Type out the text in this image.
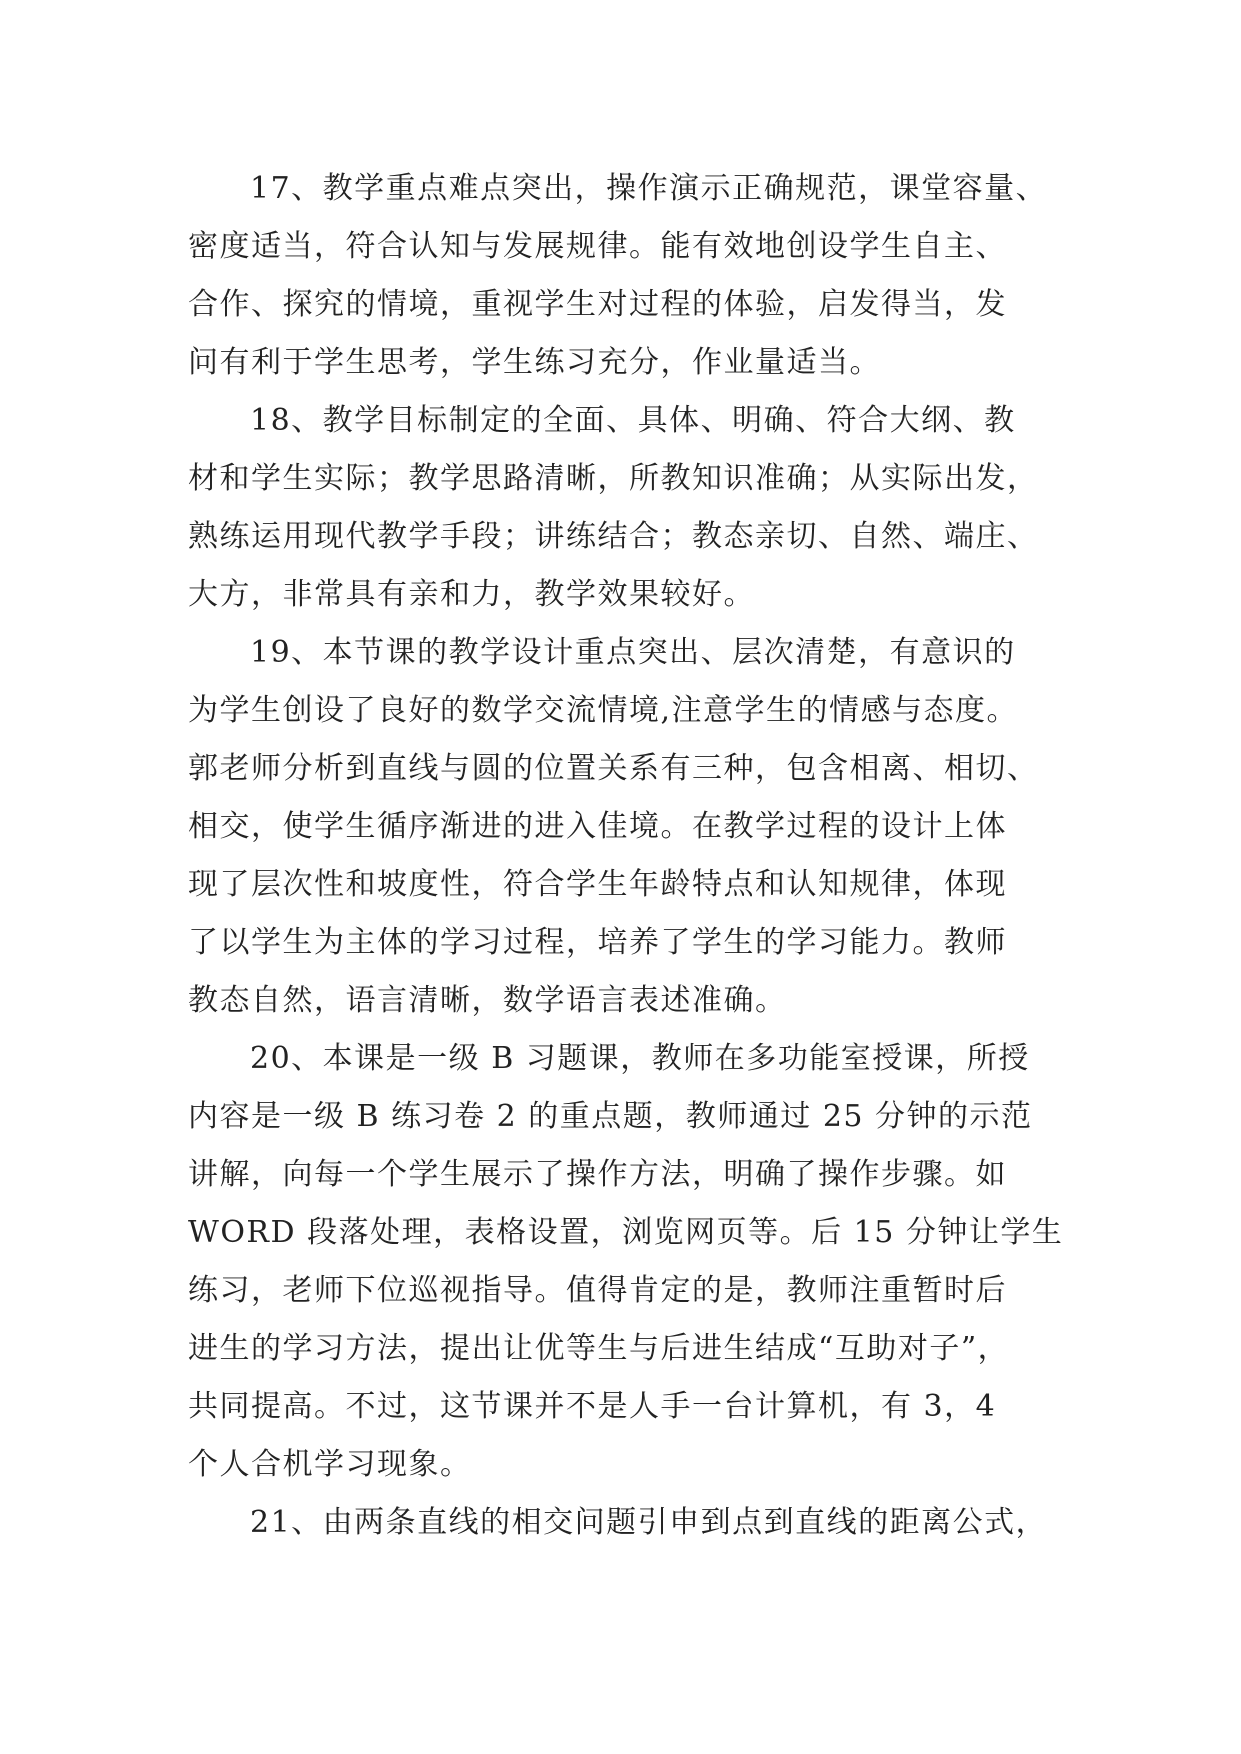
17、教学重点难点突出，操作演示正确规范，课堂容量、
密度适当，符合认知与发展规律。能有效地创设学生自主、
合作、探究的情境，重视学生对过程的体验，启发得当，发
问有利于学生思考，学生练习充分，作业量适当。
18、教学目标制定的全面、具体、明确、符合大纲、教
材和学生实际；教学思路清晰，所教知识准确；从实际出发，
熟练运用现代教学手段；讲练结合；教态亲切、自然、端庄、
大方，非常具有亲和力，教学效果较好。
19、本节课的教学设计重点突出、层次清楚，有意识的
为学生创设了良好的数学交流情境,注意学生的情感与态度。
郭老师分析到直线与圆的位置关系有三种，包含相离、相切、
相交，使学生循序渐进的进入佳境。在教学过程的设计上体
现了层次性和坡度性，符合学生年龄特点和认知规律，体现
了以学生为主体的学习过程，培养了学生的学习能力。教师
教态自然，语言清晰，数学语言表述准确。
20、本课是一级 B 习题课，教师在多功能室授课，所授
内容是一级 B 练习卷 2 的重点题，教师通过 25 分钟的示范
讲解，向每一个学生展示了操作方法，明确了操作步骤。如
WORD 段落处理，表格设置，浏览网页等。后 15 分钟让学生
练习，老师下位巡视指导。值得肯定的是，教师注重暂时后
进生的学习方法，提出让优等生与后进生结成“互助对子”，
共同提高。不过，这节课并不是人手一台计算机，有 3，4
个人合机学习现象。
21、由两条直线的相交问题引申到点到直线的距离公式，
